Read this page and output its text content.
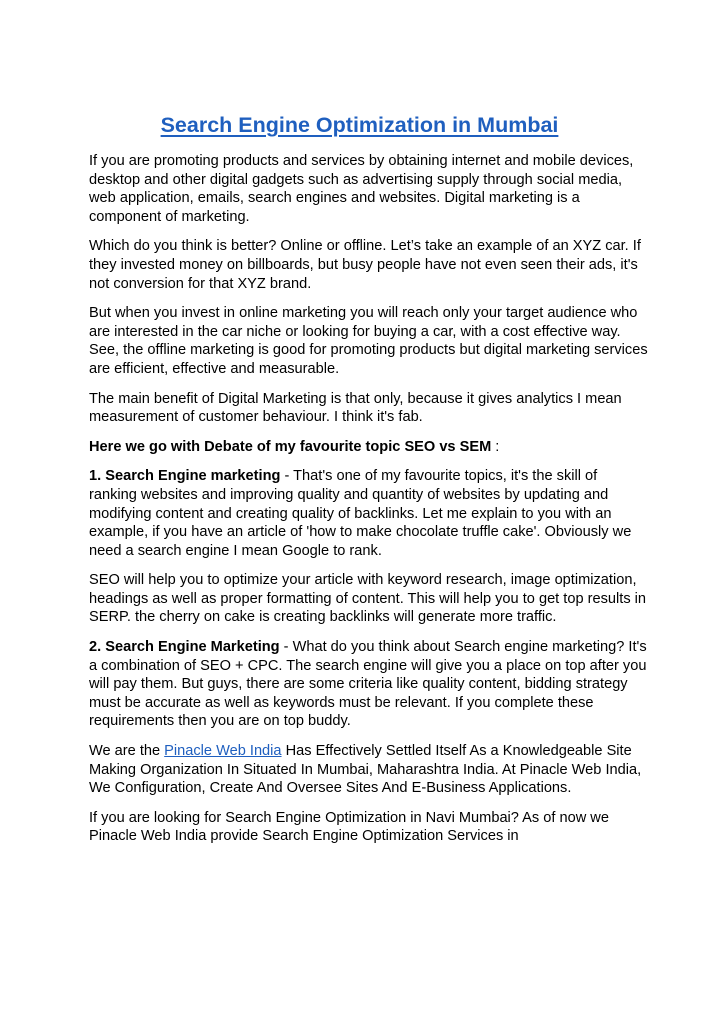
Search Engine Optimization in Mumbai

If you are promoting products and services by obtaining internet and mobile devices, desktop and other digital gadgets such as advertising supply through social media, web application, emails, search engines and websites. Digital marketing is a component of marketing.

Which do you think is better? Online or offline. Let’s take an example of an XYZ car. If they invested money on billboards, but busy people have not even seen their ads, it's not conversion for that XYZ brand.

But when you invest in online marketing you will reach only your target audience who are interested in the car niche or looking for buying a car, with a cost effective way. See, the offline marketing is good for promoting products but digital marketing services are efficient, effective and measurable.

The main benefit of Digital Marketing is that only, because it gives analytics I mean measurement of customer behaviour. I think it's fab.

Here we go with Debate of my favourite topic SEO vs SEM :

1. Search Engine marketing - That's one of my favourite topics, it's the skill of ranking websites and improving quality and quantity of websites by updating and modifying content and creating quality of backlinks. Let me explain to you with an example, if you have an article of 'how to make chocolate truffle cake'. Obviously we need a search engine I mean Google to rank.

SEO will help you to optimize your article with keyword research, image optimization, headings as well as proper formatting of content. This will help you to get top results in SERP. the cherry on cake is creating backlinks will generate more traffic.

2. Search Engine Marketing - What do you think about Search engine marketing? It's a combination of SEO + CPC. The search engine will give you a place on top after you will pay them. But guys, there are some criteria like quality content, bidding strategy must be accurate as well as keywords must be relevant. If you complete these requirements then you are on top buddy.

We are the Pinacle Web India Has Effectively Settled Itself As a Knowledgeable Site Making Organization In Situated In Mumbai, Maharashtra India. At Pinacle Web India, We Configuration, Create And Oversee Sites And E-Business Applications.

If you are looking for Search Engine Optimization in Navi Mumbai? As of now we Pinacle Web India provide Search Engine Optimization Services in
